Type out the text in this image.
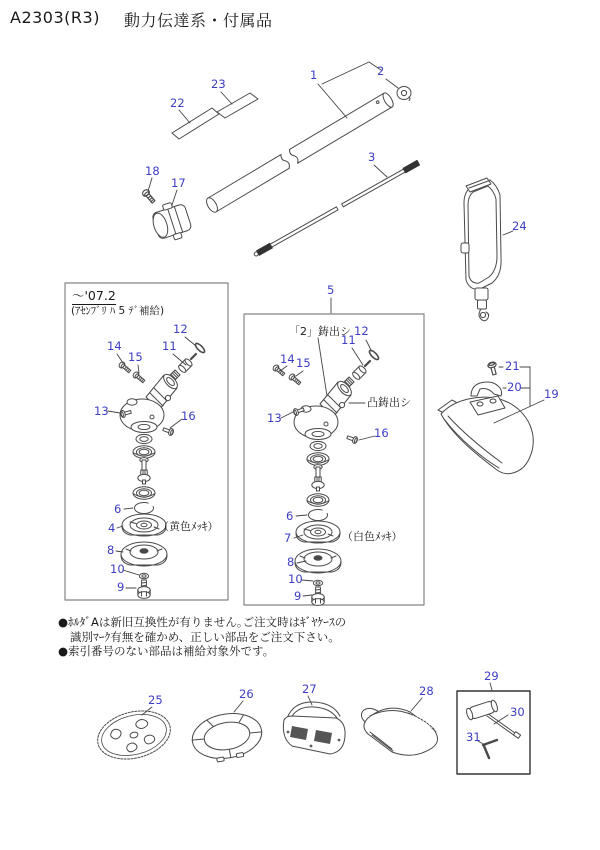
A2303(R3) 動力伝達系・付属品
1	2
3
18
17
22
23
24
～'07.2
(ｱｾﾝﾌﾞﾘ ﾊ 5 ﾃﾞ補給)
12
11
14
15
13	16
6
4	（黄色ﾒｯｷ）
8
10
9
5
「2」鋳出シ 12
11
14 15
13
凸鋳出シ
16
6
7	（白色ﾒｯｷ）
8
10
9
21
20 19
●ﾎﾙﾀﾞAは新旧互換性が有りません｡ご注文時はｷﾞﾔｹｰｽの
識別ﾏｰｸ有無を確かめ、正しい部品をご注文下さい。
●索引番号のない部品は補給対象外です。
25	26	27	28
29
30
31
